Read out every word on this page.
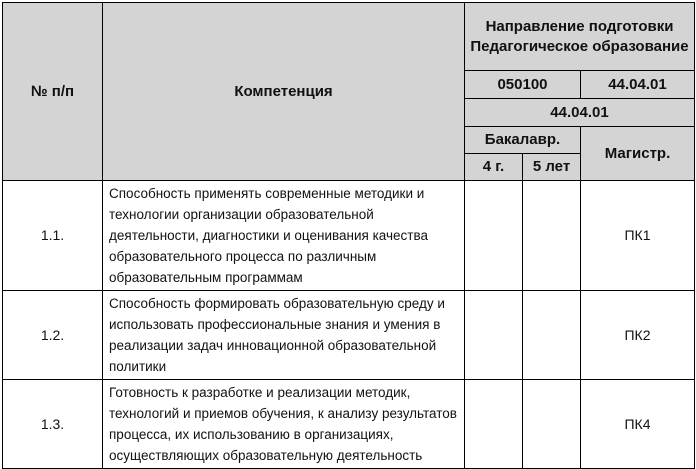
№ п/п	Компетенция	Направление подготовки Педагогическое образование		
		050100		44.04.01
		44.04.01		
		Бакалавр.		Магистр.
		4 г.	5 лет	
1.1.	Способность применять современные методики и технологии организации образовательной деятельности, диагностики и оценивания качества образовательного процесса по различным образовательным программам			ПК1
1.2.	Способность формировать образовательную среду и использовать профессиональные знания и умения в реализации задач инновационной образовательной политики			ПК2
1.3.	Готовность к разработке и реализации методик, технологий и приемов обучения, к анализу результатов процесса, их использованию в организациях, осуществляющих образовательную деятельность			ПК4
